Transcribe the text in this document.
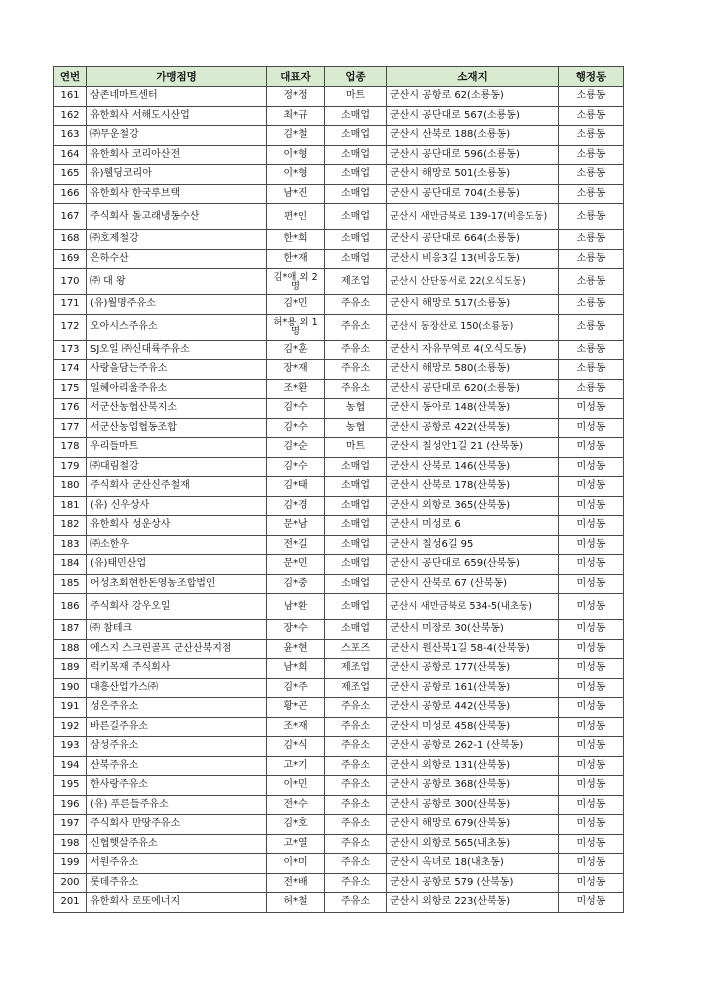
연번	가맹점명	대표자	업종	소재지	행정동
161	삼존네마트센터	정*정	마트	군산시 공항로 62(소룡동)	소룡동
162	유한회사 서해도시산업	최*규	소매업	군산시 공단대로 567(소룡동)	소룡동
163	㈜무운철강	김*철	소매업	군산시 산북로 188(소룡동)	소룡동
164	유한회사 코리아산전	이*형	소매업	군산시 공단대로 596(소룡동)	소룡동
165	유)웰딩코리아	이*형	소매업	군산시 해망로 501(소룡동)	소룡동
166	유한회사 한국루브택	남*진	소매업	군산시 공단대로 704(소룡동)	소룡동
167	주식회사 돌고래냉동수산	편*인	소매업	군산시 새만금북로 139-17(비응도동)	소룡동
168	㈜호제철강	한*희	소매업	군산시 공단대로 664(소룡동)	소룡동
169	은하수산	한*재	소매업	군산시 비응3길 13(비응도동)	소룡동
170	㈜ 대 왕	김*애 외 2명	제조업	군산시 산단동서로 22(오식도동)	소룡동
171	(유)월명주유소	김*민	주유소	군산시 해망로 517(소룡동)	소룡동
172	오아시스주유소	허*용 외 1명	주유소	군산시 동장산로 150(소룡동)	소룡동
173	SJ오일 ㈜신대륙주유소	김*훈	주유소	군산시 자유무역로 4(오식도동)	소룡동
174	사랑을담는주유소	장*재	주유소	군산시 해망로 580(소룡동)	소룡동
175	일혜아리울주유소	조*환	주유소	군산시 공단대로 620(소룡동)	소룡동
176	서군산농협산북지소	김*수	농협	군산시 동아로 148(산북동)	미성동
177	서군산농업협동조합	김*수	농협	군산시 공항로 422(산북동)	미성동
178	우리들마트	김*순	마트	군산시 칠성안1길 21 (산북동)	미성동
179	㈜대림철강	김*수	소매업	군산시 산북로 146(산북동)	미성동
180	주식회사 군산신주철재	김*태	소매업	군산시 산북로 178(산북동)	미성동
181	(유) 신우상사	김*경	소매업	군산시 외항로 365(산북동)	미성동
182	유한회사 성운상사	문*남	소매업	군산시 미성로 6	미성동
183	㈜소한우	전*길	소매업	군산시 칠성6길 95	미성동
184	(유)태민산업	문*민	소매업	군산시 공단대로 659(산북동)	미성동
185	어성초회현한돈영농조합법인	김*중	소매업	군산시 산북로 67 (산북동)	미성동
186	주식회사 강우오일	남*환	소매업	군산시 새만금북로 534-5(내초동)	미성동
187	㈜ 참테크	장*수	소매업	군산시 미장로 30(산북동)	미성동
188	에스지 스크린골프 군산산북지점	윤*현	스포즈	군산시 원산북1길 58-4(산북동)	미성동
189	럭키목재 주식회사	남*희	제조업	군산시 공항로 177(산북동)	미성동
190	대흥산업가스㈜	김*주	제조업	군산시 공항로 161(산북동)	미성동
191	성은주유소	황*곤	주유소	군산시 공항로 442(산북동)	미성동
192	바른길주유소	조*재	주유소	군산시 미성로 458(산북동)	미성동
193	삼성주유소	김*식	주유소	군산시 공항로 262-1 (산북동)	미성동
194	산북주유소	고*기	주유소	군산시 외항로 131(산북동)	미성동
195	한사랑주유소	이*민	주유소	군산시 공항로 368(산북동)	미성동
196	(유) 푸른들주유소	전*수	주유소	군산시 공항로 300(산북동)	미성동
197	주식회사 만땅주유소	김*호	주유소	군산시 해망로 679(산북동)	미성동
198	신협햇살주유소	고*열	주유소	군산시 외항로 565(내초동)	미성동
199	서원주유소	이*미	주유소	군산시 옥녀로 18(내초동)	미성동
200	롯데주유소	전*배	주유소	군산시 공항로 579 (산북동)	미성동
201	유한회사 로또에너지	허*철	주유소	군산시 외항로 223(산북동)	미성동
